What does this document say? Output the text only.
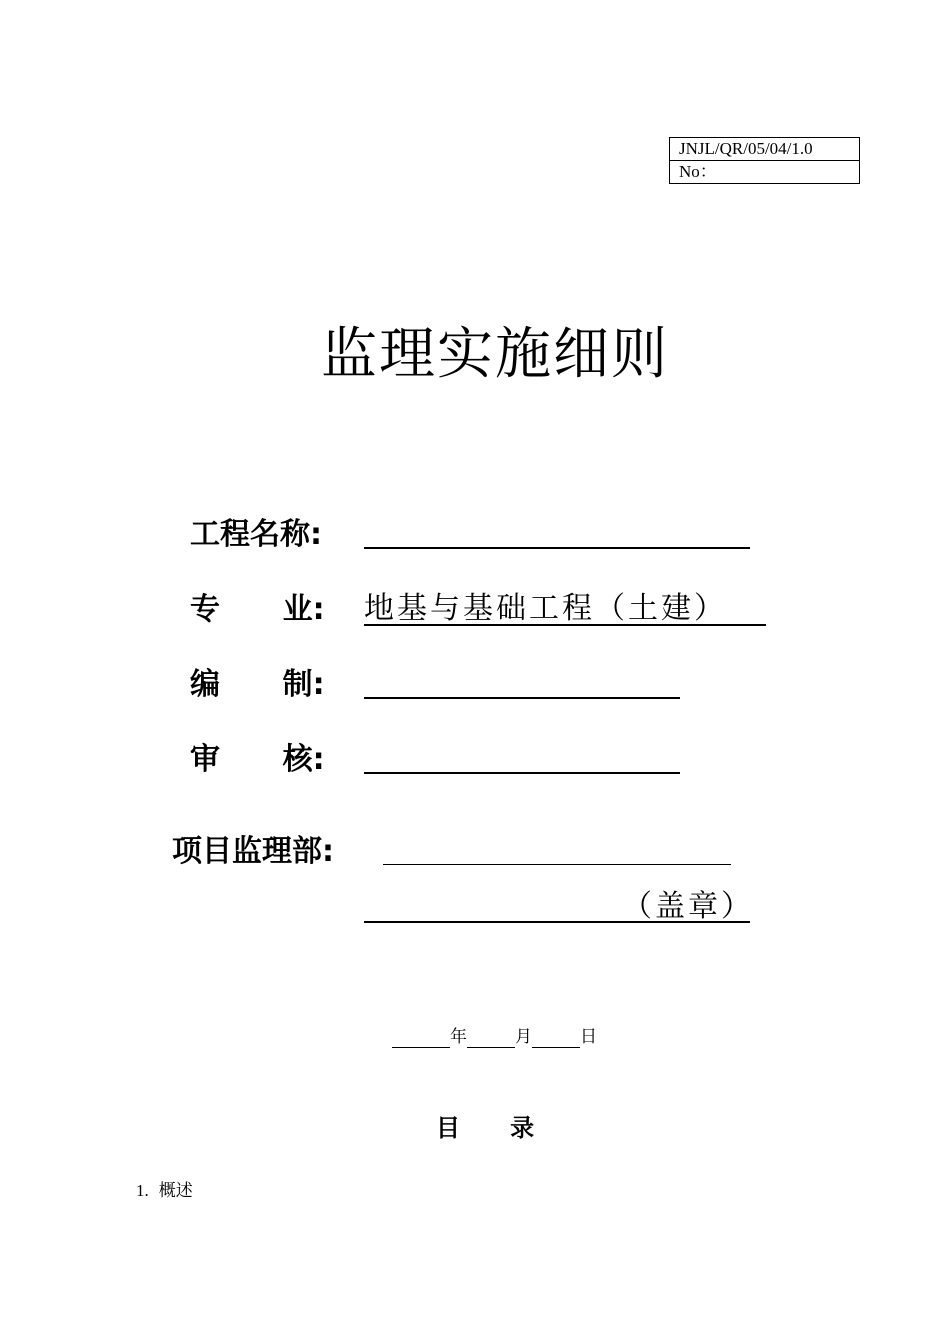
JNJL/QR/05/04/1.0
No：
监理实施细则
工程名称:
专      业: 地基与基础工程（土建）
编      制:
审      核:
项目监理部:
（盖章）
年	月	日
目      录
1. 概述
